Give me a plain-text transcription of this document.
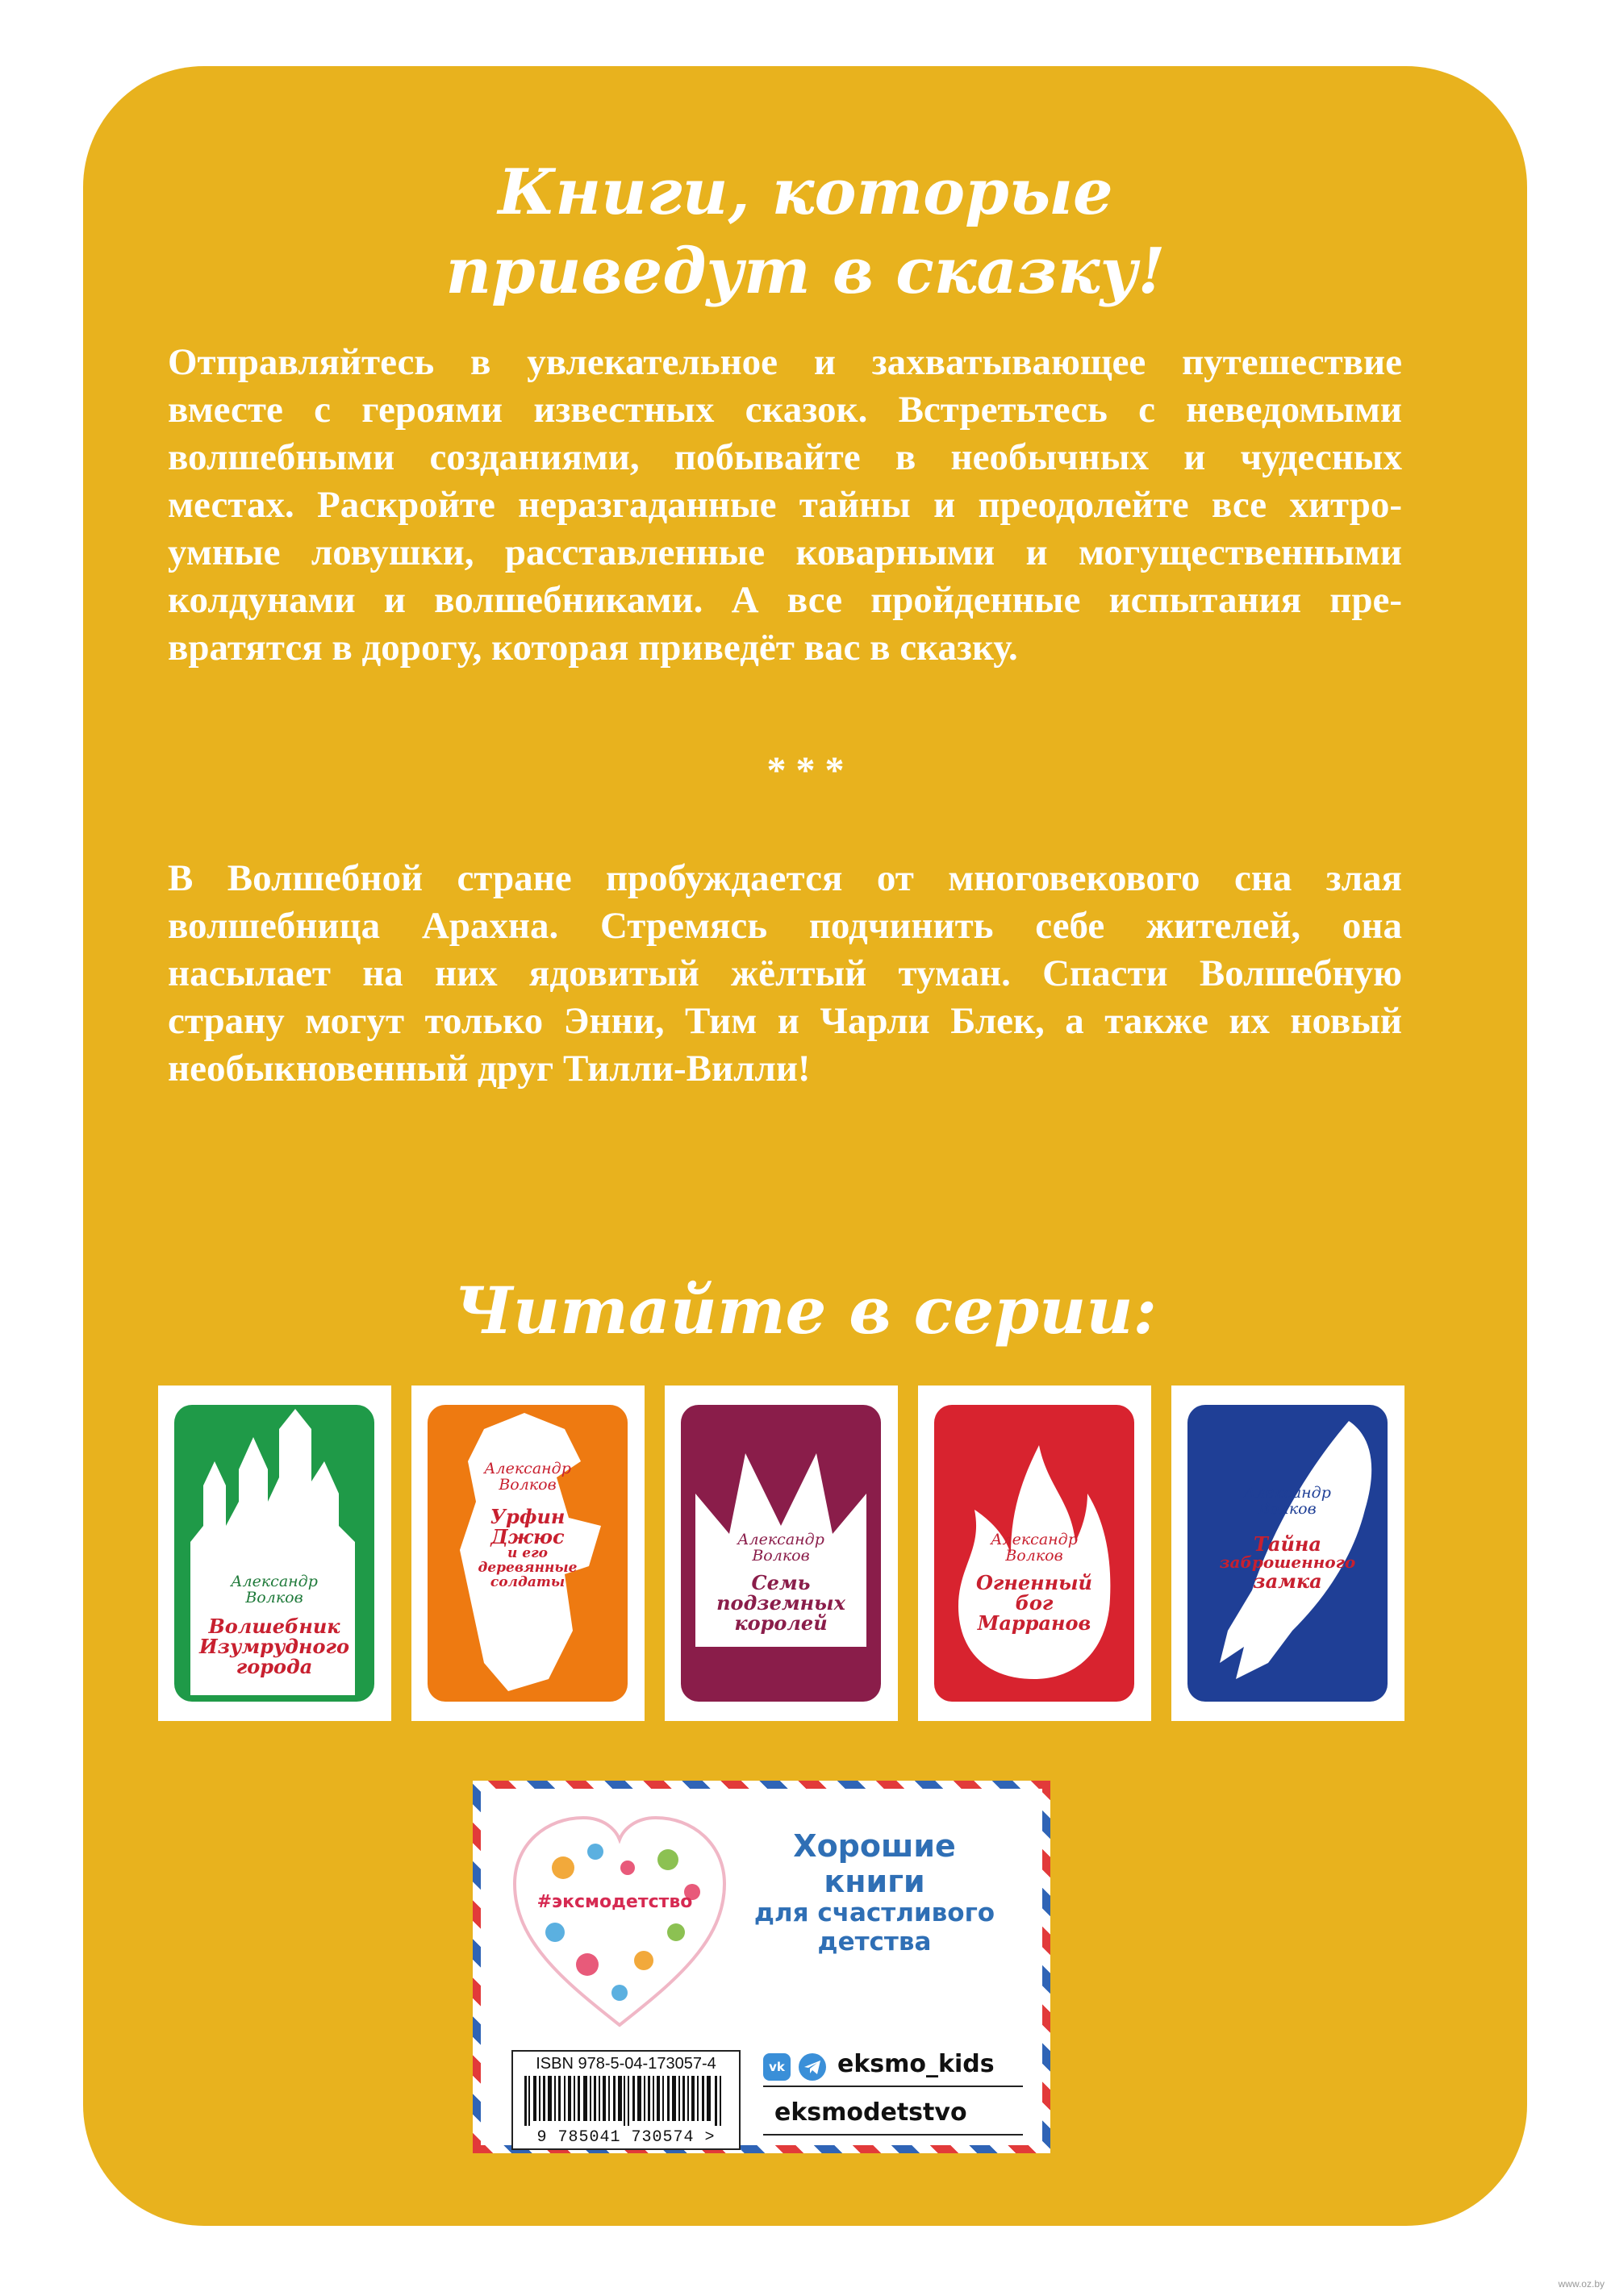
Книги, которые
приведут в сказку!
Отправляйтесь в увлекательное и захватывающее путешествие
вместе с героями известных сказок. Встретьтесь с неведомыми
волшебными созданиями, побывайте в необычных и чудесных
местах. Раскройте неразгаданные тайны и преодолейте все хитро-
умные ловушки, расставленные коварными и могущественными
колдунами и волшебниками. А все пройденные испытания пре-
вратятся в дорогу, которая приведёт вас в сказку.
* * *
В Волшебной стране пробуждается от многовекового сна злая
волшебница Арахна. Стремясь подчинить себе жителей, она
насылает на них ядовитый жёлтый туман. Спасти Волшебную
страну могут только Энни, Тим и Чарли Блек, а также их новый
необыкновенный друг Тилли-Вилли!
Читайте в серии:
Александр
Волков
Волшебник
Изумрудного
города
Александр
Волков
Урфин
Джюс
и его
деревянные
солдаты
Александр
Волков
Семь
подземных
королей
Александр
Волков
Огненный
бог
Марранов
Александр
Волков
Тайна
заброшенного
замка
#эксмодетство
Хорошие
книги
для счастливого
детства
ISBN 978-5-04-173057-4
9 785041 730574 >
vk eksmo_kids
eksmodetstvo
www.oz.by
